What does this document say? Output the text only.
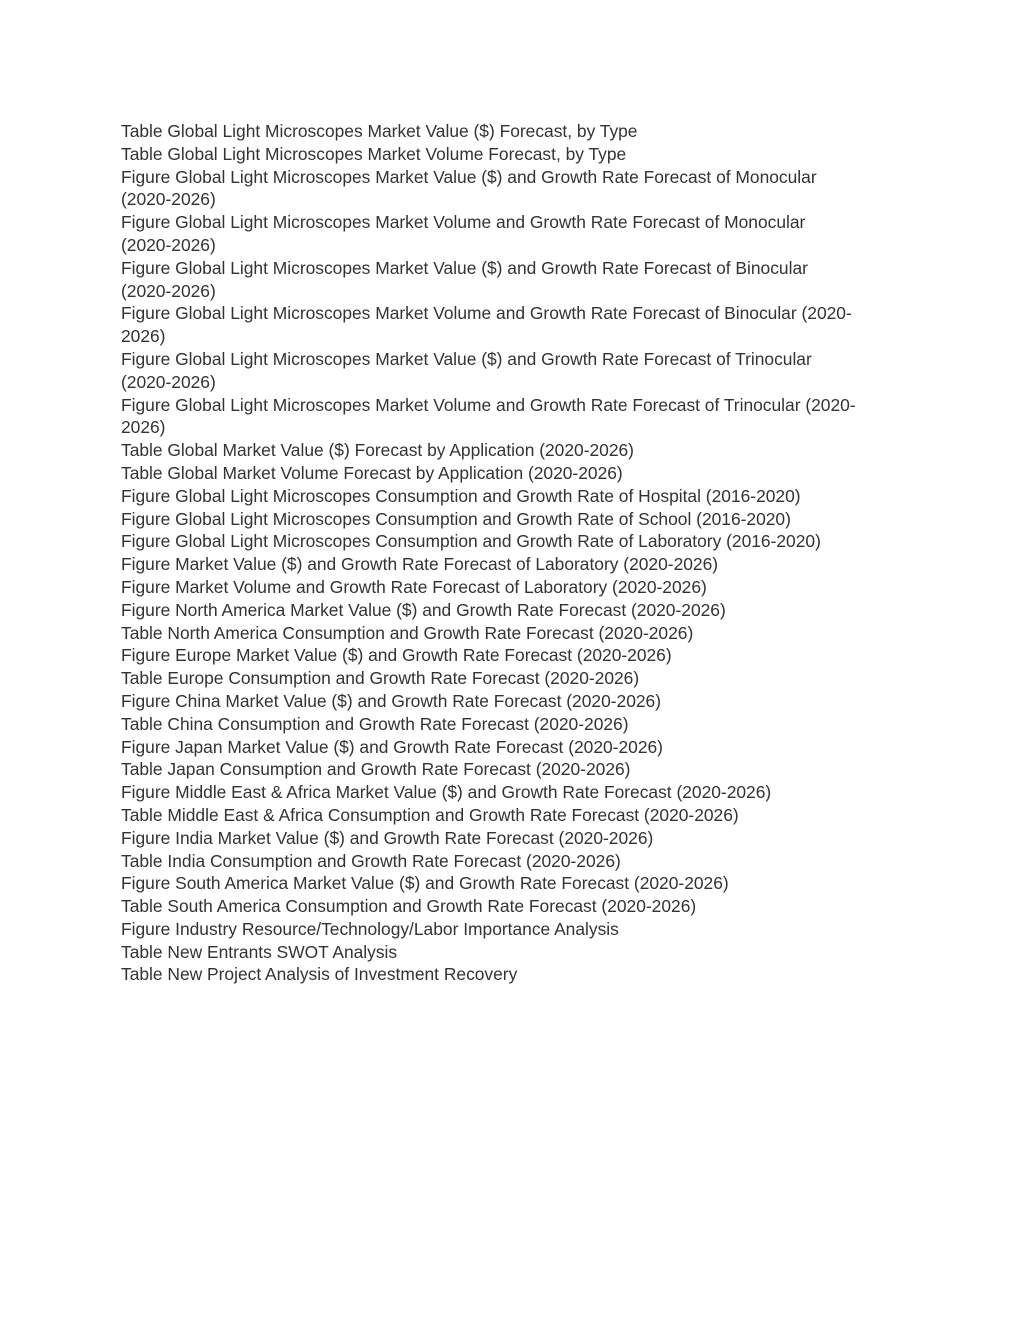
Table Global Light Microscopes Market Value ($) Forecast, by Type
Table Global Light Microscopes Market Volume Forecast, by Type
Figure Global Light Microscopes Market Value ($) and Growth Rate Forecast of Monocular
(2020-2026)
Figure Global Light Microscopes Market Volume and Growth Rate Forecast of Monocular
(2020-2026)
Figure Global Light Microscopes Market Value ($) and Growth Rate Forecast of Binocular
(2020-2026)
Figure Global Light Microscopes Market Volume and Growth Rate Forecast of Binocular (2020-
2026)
Figure Global Light Microscopes Market Value ($) and Growth Rate Forecast of Trinocular
(2020-2026)
Figure Global Light Microscopes Market Volume and Growth Rate Forecast of Trinocular (2020-
2026)
Table Global Market Value ($) Forecast by Application (2020-2026)
Table Global Market Volume Forecast by Application (2020-2026)
Figure Global Light Microscopes Consumption and Growth Rate of Hospital (2016-2020)
Figure Global Light Microscopes Consumption and Growth Rate of School (2016-2020)
Figure Global Light Microscopes Consumption and Growth Rate of Laboratory (2016-2020)
Figure Market Value ($) and Growth Rate Forecast of Laboratory (2020-2026)
Figure Market Volume and Growth Rate Forecast of Laboratory (2020-2026)
Figure North America Market Value ($) and Growth Rate Forecast (2020-2026)
Table North America Consumption and Growth Rate Forecast (2020-2026)
Figure Europe Market Value ($) and Growth Rate Forecast (2020-2026)
Table Europe Consumption and Growth Rate Forecast (2020-2026)
Figure China Market Value ($) and Growth Rate Forecast (2020-2026)
Table China Consumption and Growth Rate Forecast (2020-2026)
Figure Japan Market Value ($) and Growth Rate Forecast (2020-2026)
Table Japan Consumption and Growth Rate Forecast (2020-2026)
Figure Middle East & Africa Market Value ($) and Growth Rate Forecast (2020-2026)
Table Middle East & Africa Consumption and Growth Rate Forecast (2020-2026)
Figure India Market Value ($) and Growth Rate Forecast (2020-2026)
Table India Consumption and Growth Rate Forecast (2020-2026)
Figure South America Market Value ($) and Growth Rate Forecast (2020-2026)
Table South America Consumption and Growth Rate Forecast (2020-2026)
Figure Industry Resource/Technology/Labor Importance Analysis
Table New Entrants SWOT Analysis
Table New Project Analysis of Investment Recovery
